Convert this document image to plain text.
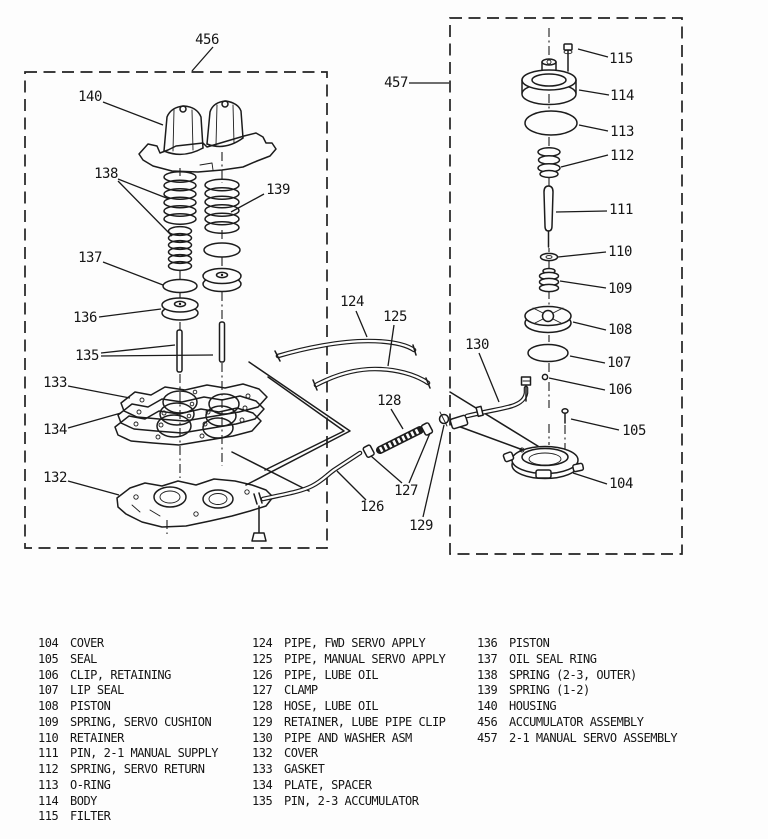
456
457
140
138
139
137
136
135
133
134
132
124
125
128
130
127
126
129
115
114
113
112
111
110
109
108
107
106
105
104
104 COVER
105 SEAL
106 CLIP, RETAINING
107 LIP SEAL
108 PISTON
109 SPRING, SERVO CUSHION
110 RETAINER
111 PIN, 2-1 MANUAL SUPPLY
112 SPRING, SERVO RETURN
113 O-RING
114 BODY
115 FILTER
124 PIPE, FWD SERVO APPLY
125 PIPE, MANUAL SERVO APPLY
126 PIPE, LUBE OIL
127 CLAMP
128 HOSE, LUBE OIL
129 RETAINER, LUBE PIPE CLIP
130 PIPE AND WASHER ASM
132 COVER
133 GASKET
134 PLATE, SPACER
135 PIN, 2-3 ACCUMULATOR
136 PISTON
137 OIL SEAL RING
138 SPRING (2-3, OUTER)
139 SPRING (1-2)
140 HOUSING
456 ACCUMULATOR ASSEMBLY
457 2-1 MANUAL SERVO ASSEMBLY
